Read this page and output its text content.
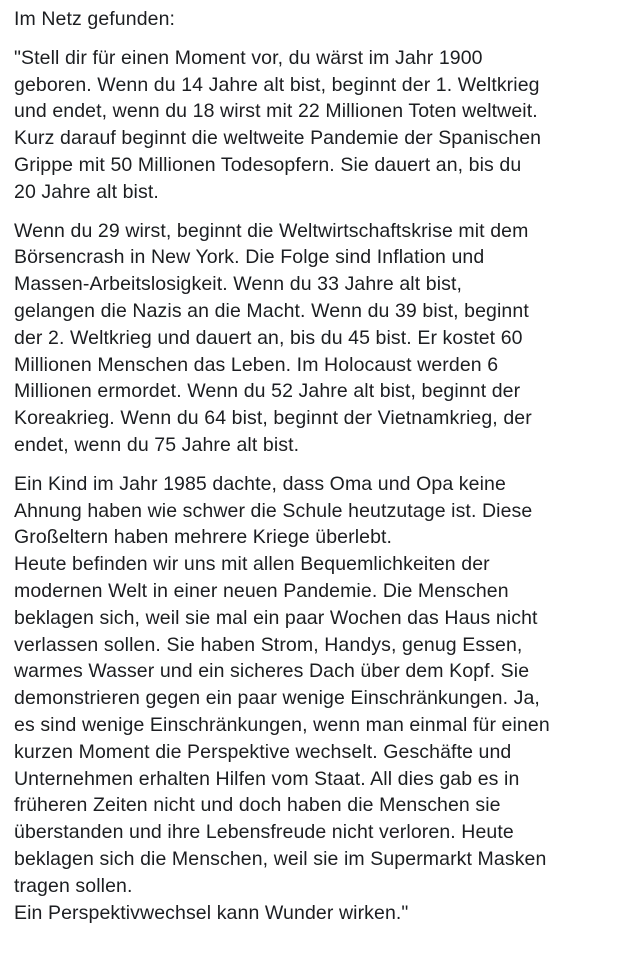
Im Netz gefunden:

"Stell dir für einen Moment vor, du wärst im Jahr 1900
geboren. Wenn du 14 Jahre alt bist, beginnt der 1. Weltkrieg
und endet, wenn du 18 wirst mit 22 Millionen Toten weltweit.
Kurz darauf beginnt die weltweite Pandemie der Spanischen
Grippe mit 50 Millionen Todesopfern. Sie dauert an, bis du
20 Jahre alt bist.

Wenn du 29 wirst, beginnt die Weltwirtschaftskrise mit dem
Börsencrash in New York. Die Folge sind Inflation und
Massen-Arbeitslosigkeit. Wenn du 33 Jahre alt bist,
gelangen die Nazis an die Macht. Wenn du 39 bist, beginnt
der 2. Weltkrieg und dauert an, bis du 45 bist. Er kostet 60
Millionen Menschen das Leben. Im Holocaust werden 6
Millionen ermordet. Wenn du 52 Jahre alt bist, beginnt der
Koreakrieg. Wenn du 64 bist, beginnt der Vietnamkrieg, der
endet, wenn du 75 Jahre alt bist.

Ein Kind im Jahr 1985 dachte, dass Oma und Opa keine
Ahnung haben wie schwer die Schule heutzutage ist. Diese
Großeltern haben mehrere Kriege überlebt.
Heute befinden wir uns mit allen Bequemlichkeiten der
modernen Welt in einer neuen Pandemie. Die Menschen
beklagen sich, weil sie mal ein paar Wochen das Haus nicht
verlassen sollen. Sie haben Strom, Handys, genug Essen,
warmes Wasser und ein sicheres Dach über dem Kopf. Sie
demonstrieren gegen ein paar wenige Einschränkungen. Ja,
es sind wenige Einschränkungen, wenn man einmal für einen
kurzen Moment die Perspektive wechselt. Geschäfte und
Unternehmen erhalten Hilfen vom Staat. All dies gab es in
früheren Zeiten nicht und doch haben die Menschen sie
überstanden und ihre Lebensfreude nicht verloren. Heute
beklagen sich die Menschen, weil sie im Supermarkt Masken
tragen sollen.
Ein Perspektivwechsel kann Wunder wirken."
